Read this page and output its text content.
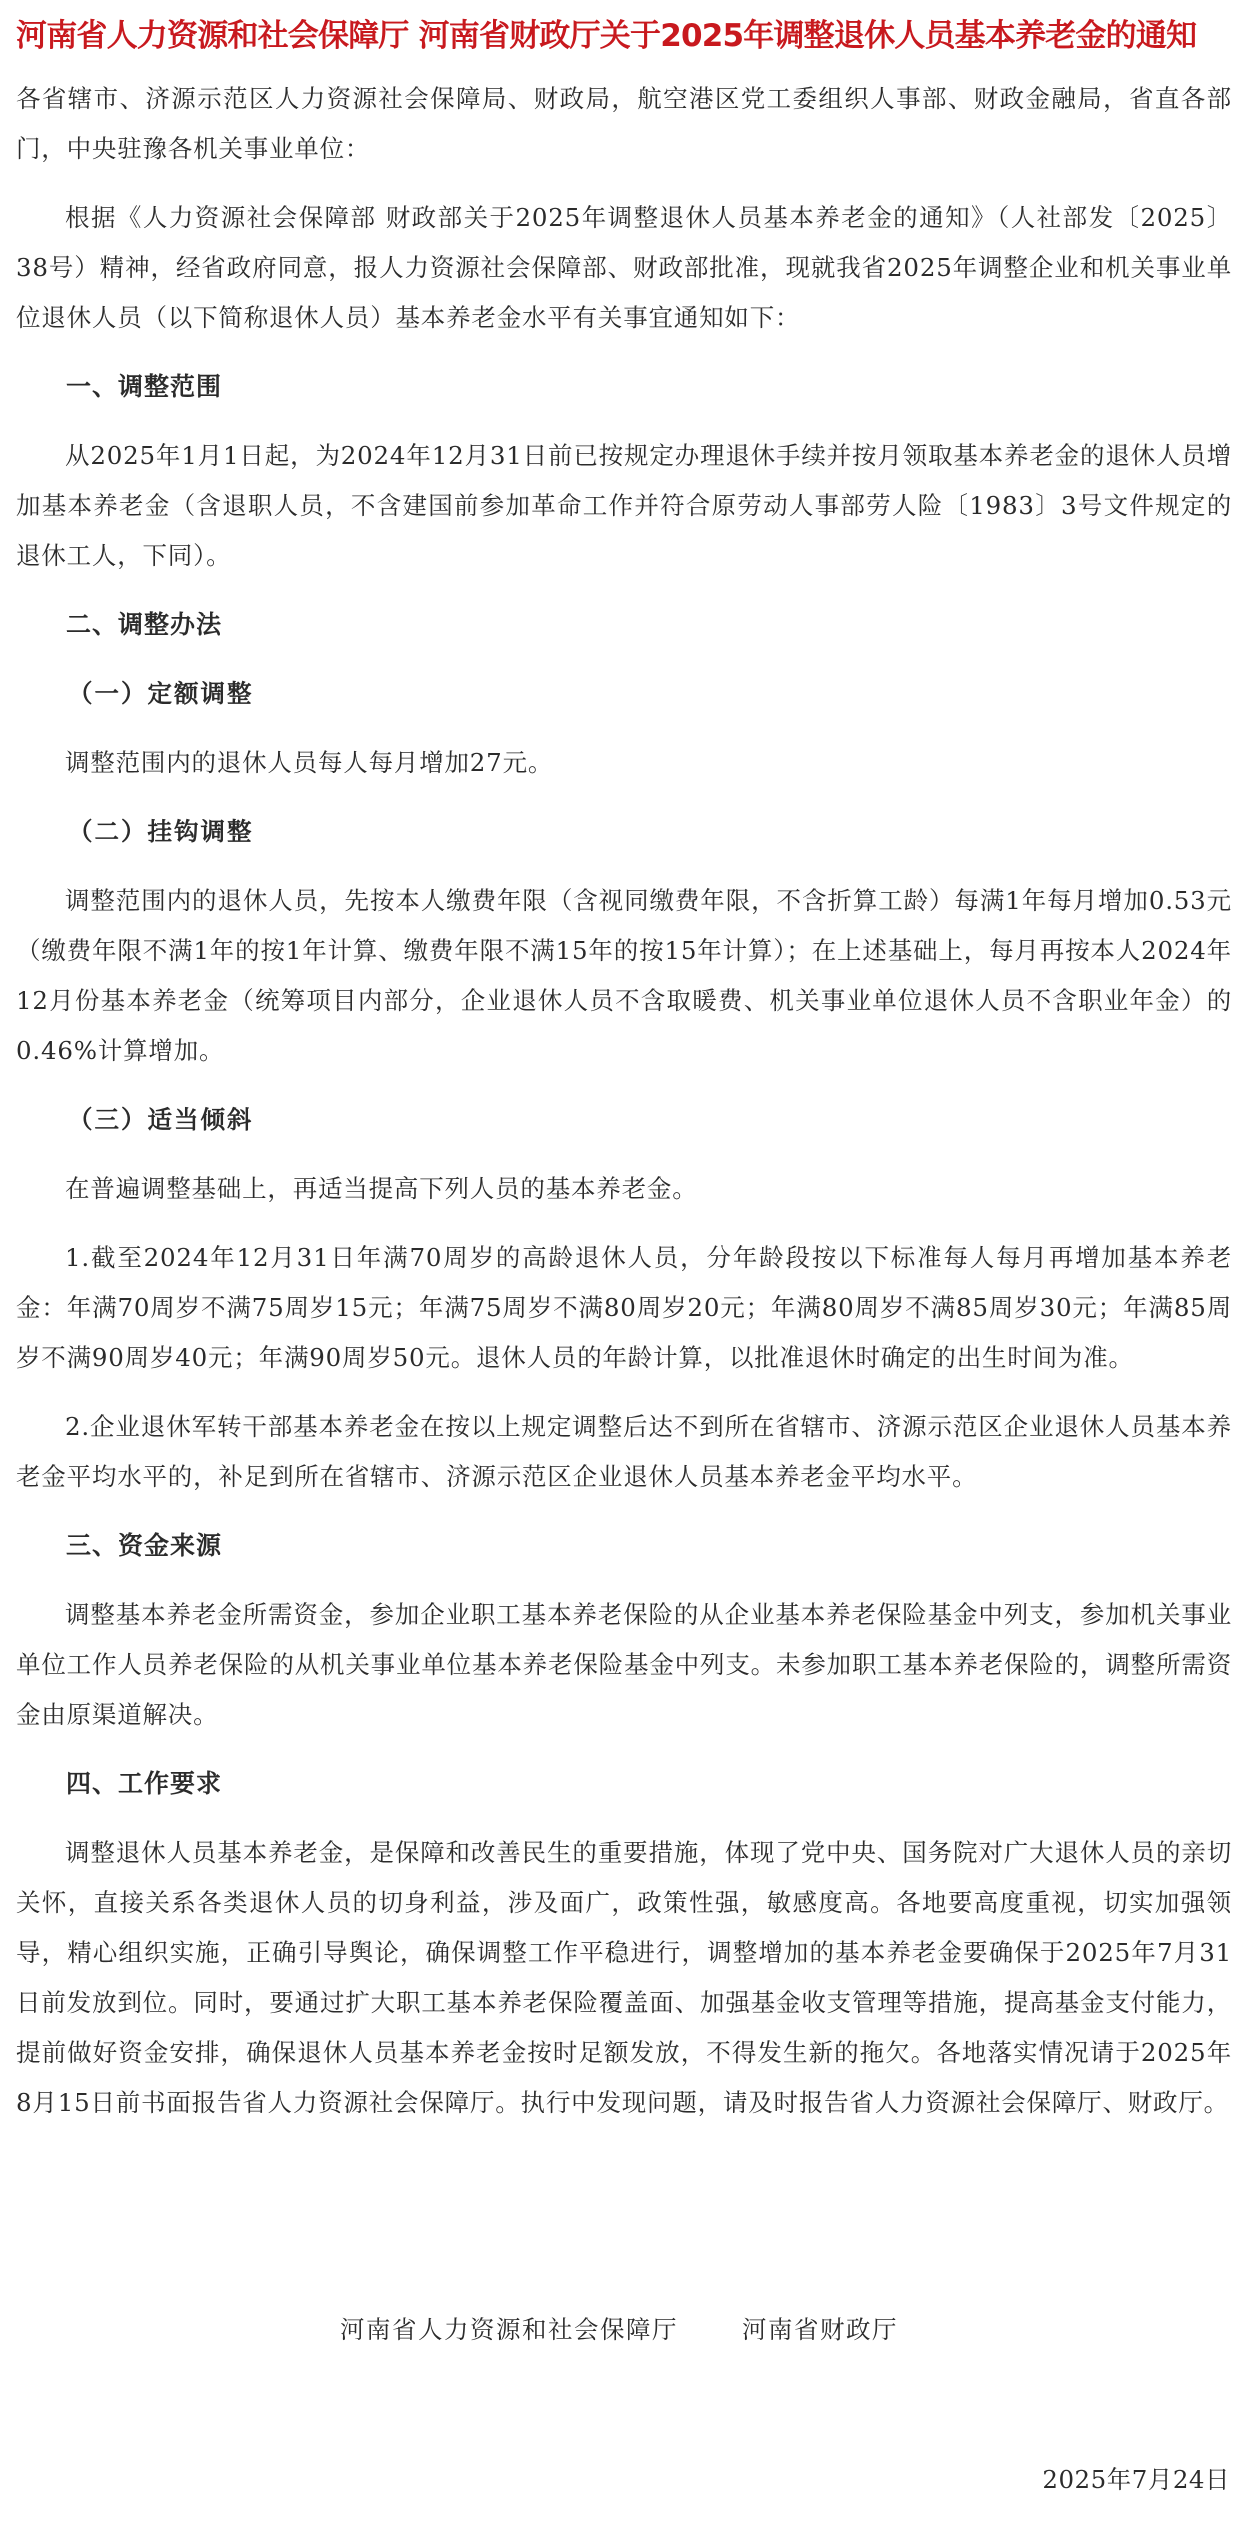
河南省人力资源和社会保障厅 河南省财政厅关于2025年调整退休人员基本养老金的通知

各省辖市、济源示范区人力资源社会保障局、财政局，航空港区党工委组织人事部、财政金融局，省直各部门，中央驻豫各机关事业单位：

根据《人力资源社会保障部 财政部关于2025年调整退休人员基本养老金的通知》（人社部发〔2025〕38号）精神，经省政府同意，报人力资源社会保障部、财政部批准，现就我省2025年调整企业和机关事业单位退休人员（以下简称退休人员）基本养老金水平有关事宜通知如下：

一、调整范围

从2025年1月1日起，为2024年12月31日前已按规定办理退休手续并按月领取基本养老金的退休人员增加基本养老金（含退职人员，不含建国前参加革命工作并符合原劳动人事部劳人险〔1983〕3号文件规定的退休工人，下同）。

二、调整办法
（一）定额调整

调整范围内的退休人员每人每月增加27元。

（二）挂钩调整

调整范围内的退休人员，先按本人缴费年限（含视同缴费年限，不含折算工龄）每满1年每月增加0.53元（缴费年限不满1年的按1年计算、缴费年限不满15年的按15年计算）；在上述基础上，每月再按本人2024年12月份基本养老金（统筹项目内部分，企业退休人员不含取暖费、机关事业单位退休人员不含职业年金）的0.46%计算增加。

（三）适当倾斜

在普遍调整基础上，再适当提高下列人员的基本养老金。

1.截至2024年12月31日年满70周岁的高龄退休人员，分年龄段按以下标准每人每月再增加基本养老金：年满70周岁不满75周岁15元；年满75周岁不满80周岁20元；年满80周岁不满85周岁30元；年满85周岁不满90周岁40元；年满90周岁50元。退休人员的年龄计算，以批准退休时确定的出生时间为准。

2.企业退休军转干部基本养老金在按以上规定调整后达不到所在省辖市、济源示范区企业退休人员基本养老金平均水平的，补足到所在省辖市、济源示范区企业退休人员基本养老金平均水平。

三、资金来源

调整基本养老金所需资金，参加企业职工基本养老保险的从企业基本养老保险基金中列支，参加机关事业单位工作人员养老保险的从机关事业单位基本养老保险基金中列支。未参加职工基本养老保险的，调整所需资金由原渠道解决。

四、工作要求

调整退休人员基本养老金，是保障和改善民生的重要措施，体现了党中央、国务院对广大退休人员的亲切关怀，直接关系各类退休人员的切身利益，涉及面广，政策性强，敏感度高。各地要高度重视，切实加强领导，精心组织实施，正确引导舆论，确保调整工作平稳进行，调整增加的基本养老金要确保于2025年7月31日前发放到位。同时，要通过扩大职工基本养老保险覆盖面、加强基金收支管理等措施，提高基金支付能力，提前做好资金安排，确保退休人员基本养老金按时足额发放，不得发生新的拖欠。各地落实情况请于2025年8月15日前书面报告省人力资源社会保障厅。执行中发现问题，请及时报告省人力资源社会保障厅、财政厅。

河南省人力资源和社会保障厅	河南省财政厅
2025年7月24日
